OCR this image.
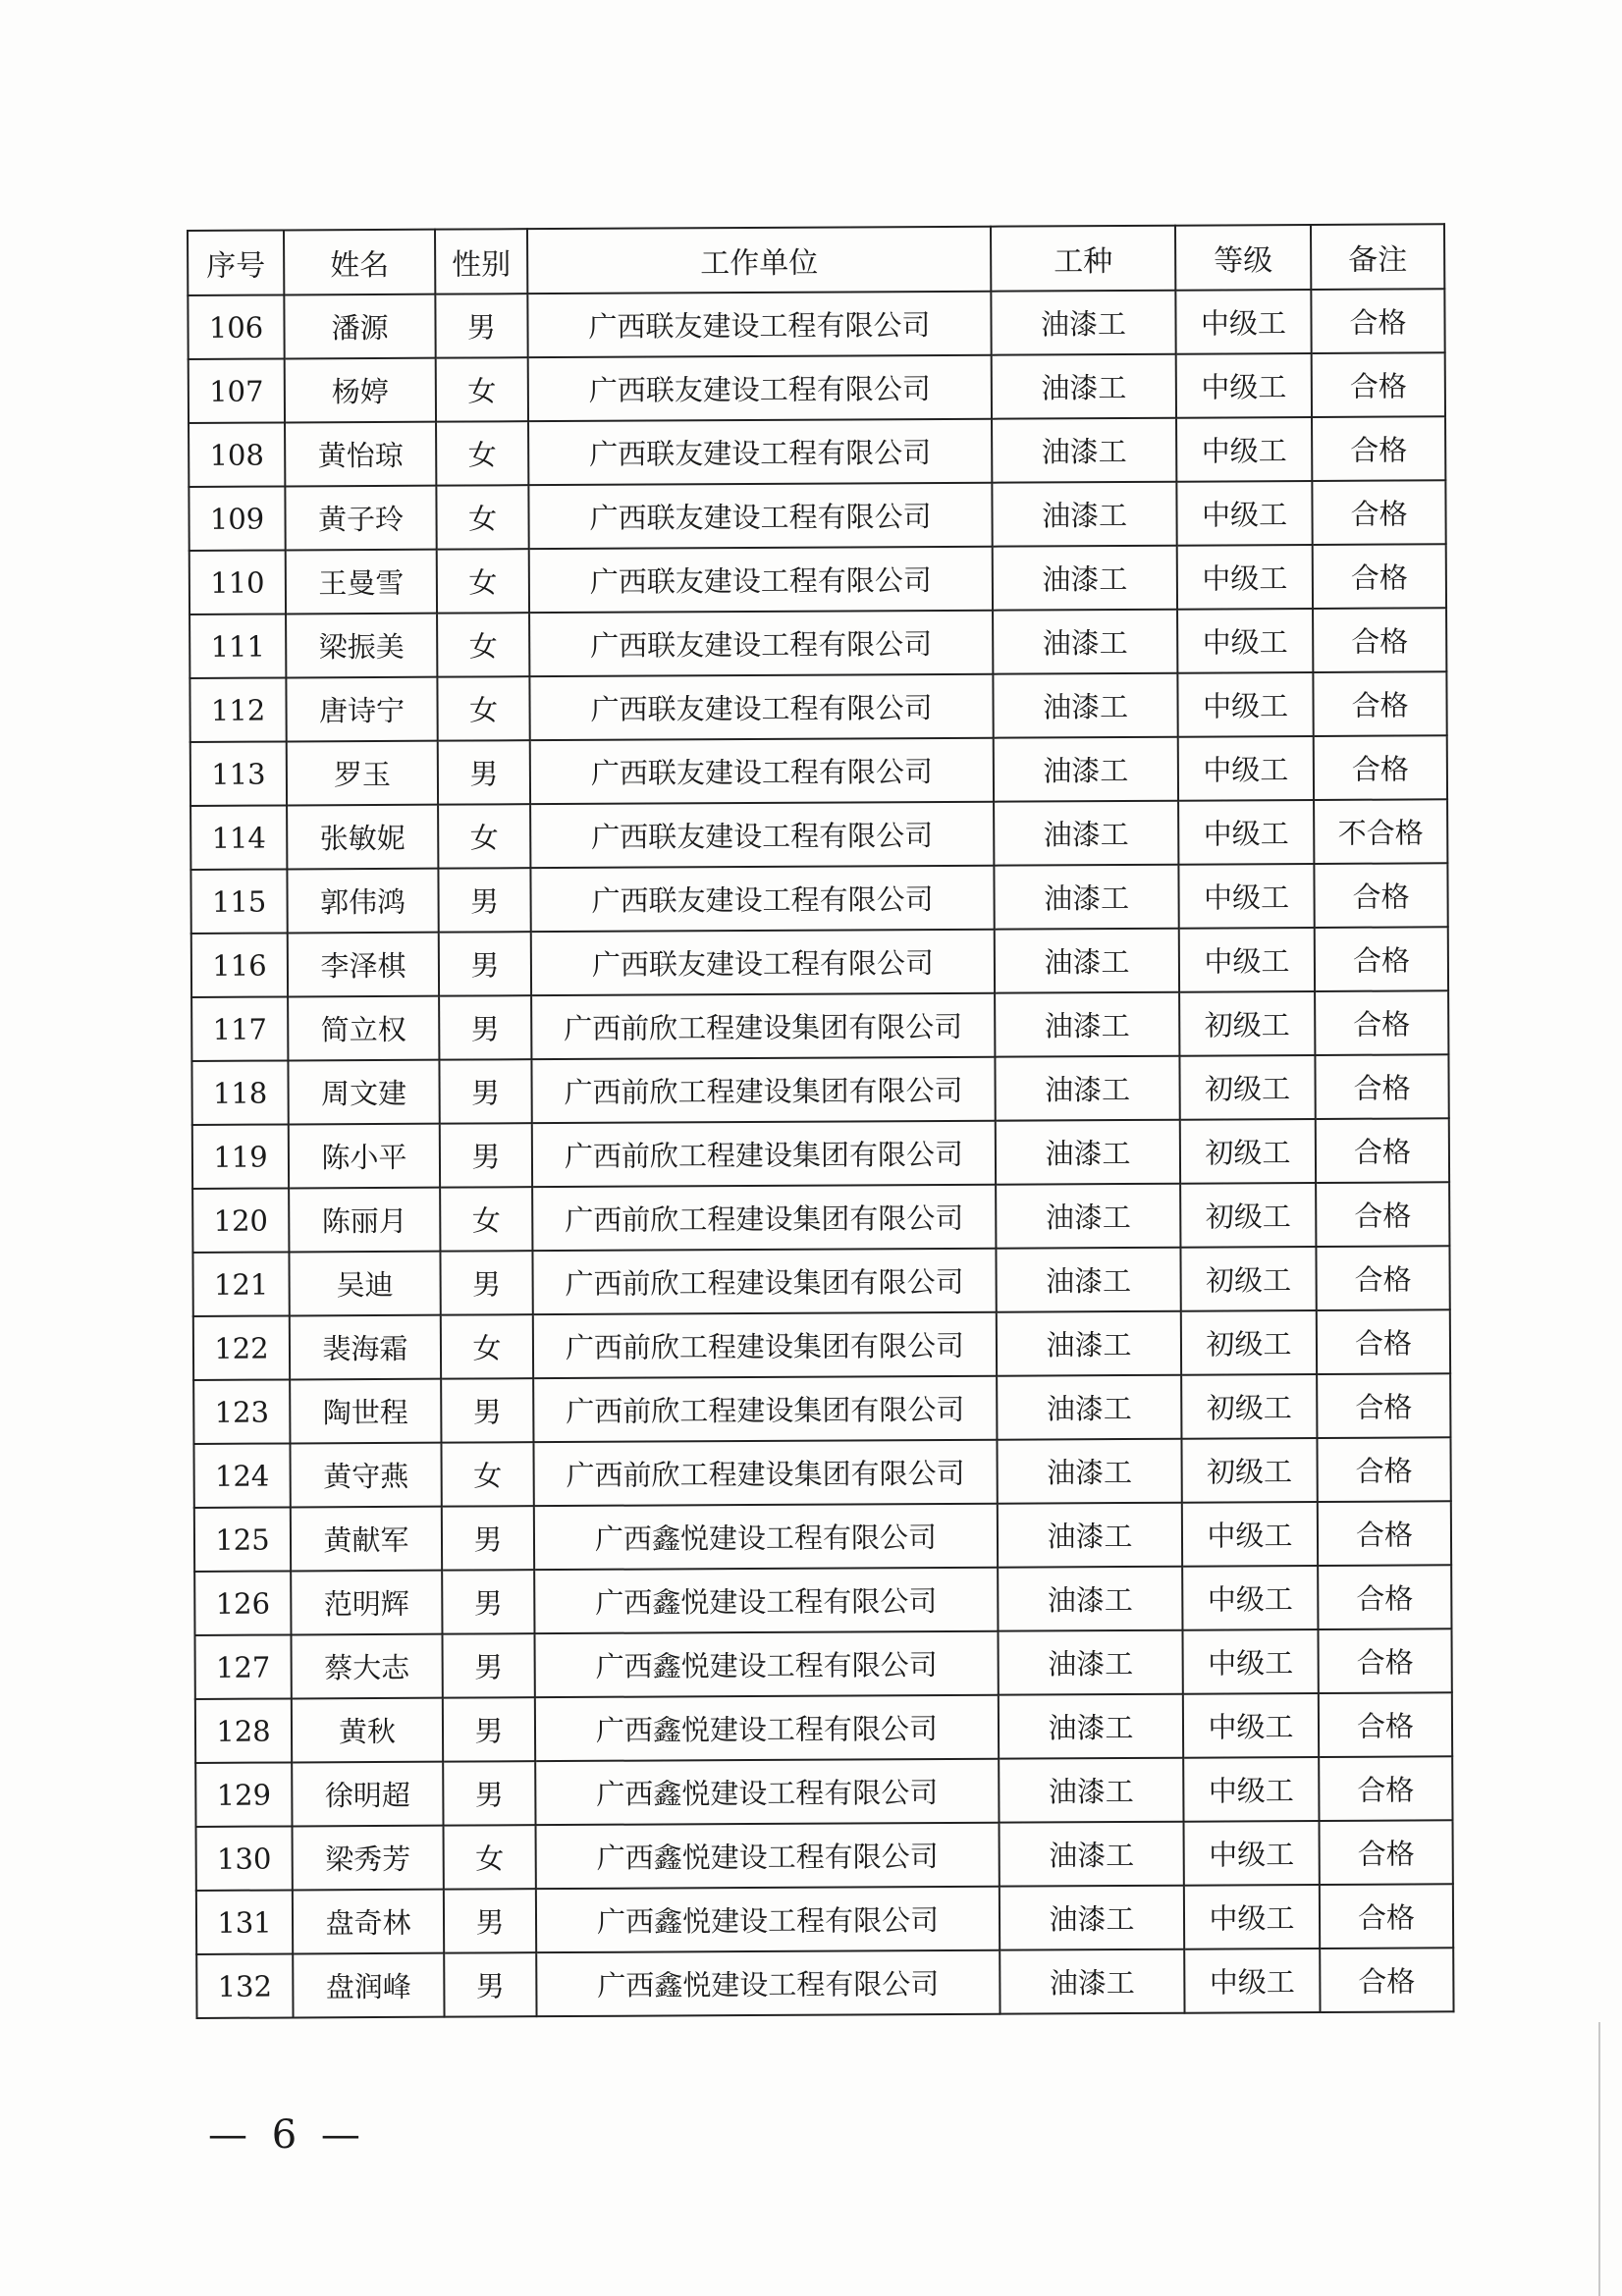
序号	姓名	性别	工作单位	工种	等级	备注
106	潘源	男	广西联友建设工程有限公司	油漆工	中级工	合格
107	杨婷	女	广西联友建设工程有限公司	油漆工	中级工	合格
108	黄怡琼	女	广西联友建设工程有限公司	油漆工	中级工	合格
109	黄子玲	女	广西联友建设工程有限公司	油漆工	中级工	合格
110	王曼雪	女	广西联友建设工程有限公司	油漆工	中级工	合格
111	梁振美	女	广西联友建设工程有限公司	油漆工	中级工	合格
112	唐诗宁	女	广西联友建设工程有限公司	油漆工	中级工	合格
113	罗玉	男	广西联友建设工程有限公司	油漆工	中级工	合格
114	张敏妮	女	广西联友建设工程有限公司	油漆工	中级工	不合格
115	郭伟鸿	男	广西联友建设工程有限公司	油漆工	中级工	合格
116	李泽棋	男	广西联友建设工程有限公司	油漆工	中级工	合格
117	简立权	男	广西前欣工程建设集团有限公司	油漆工	初级工	合格
118	周文建	男	广西前欣工程建设集团有限公司	油漆工	初级工	合格
119	陈小平	男	广西前欣工程建设集团有限公司	油漆工	初级工	合格
120	陈丽月	女	广西前欣工程建设集团有限公司	油漆工	初级工	合格
121	吴迪	男	广西前欣工程建设集团有限公司	油漆工	初级工	合格
122	裴海霜	女	广西前欣工程建设集团有限公司	油漆工	初级工	合格
123	陶世程	男	广西前欣工程建设集团有限公司	油漆工	初级工	合格
124	黄守燕	女	广西前欣工程建设集团有限公司	油漆工	初级工	合格
125	黄献军	男	广西鑫悦建设工程有限公司	油漆工	中级工	合格
126	范明辉	男	广西鑫悦建设工程有限公司	油漆工	中级工	合格
127	蔡大志	男	广西鑫悦建设工程有限公司	油漆工	中级工	合格
128	黄秋	男	广西鑫悦建设工程有限公司	油漆工	中级工	合格
129	徐明超	男	广西鑫悦建设工程有限公司	油漆工	中级工	合格
130	梁秀芳	女	广西鑫悦建设工程有限公司	油漆工	中级工	合格
131	盘奇林	男	广西鑫悦建设工程有限公司	油漆工	中级工	合格
132	盘润峰	男	广西鑫悦建设工程有限公司	油漆工	中级工	合格
— 6 —
